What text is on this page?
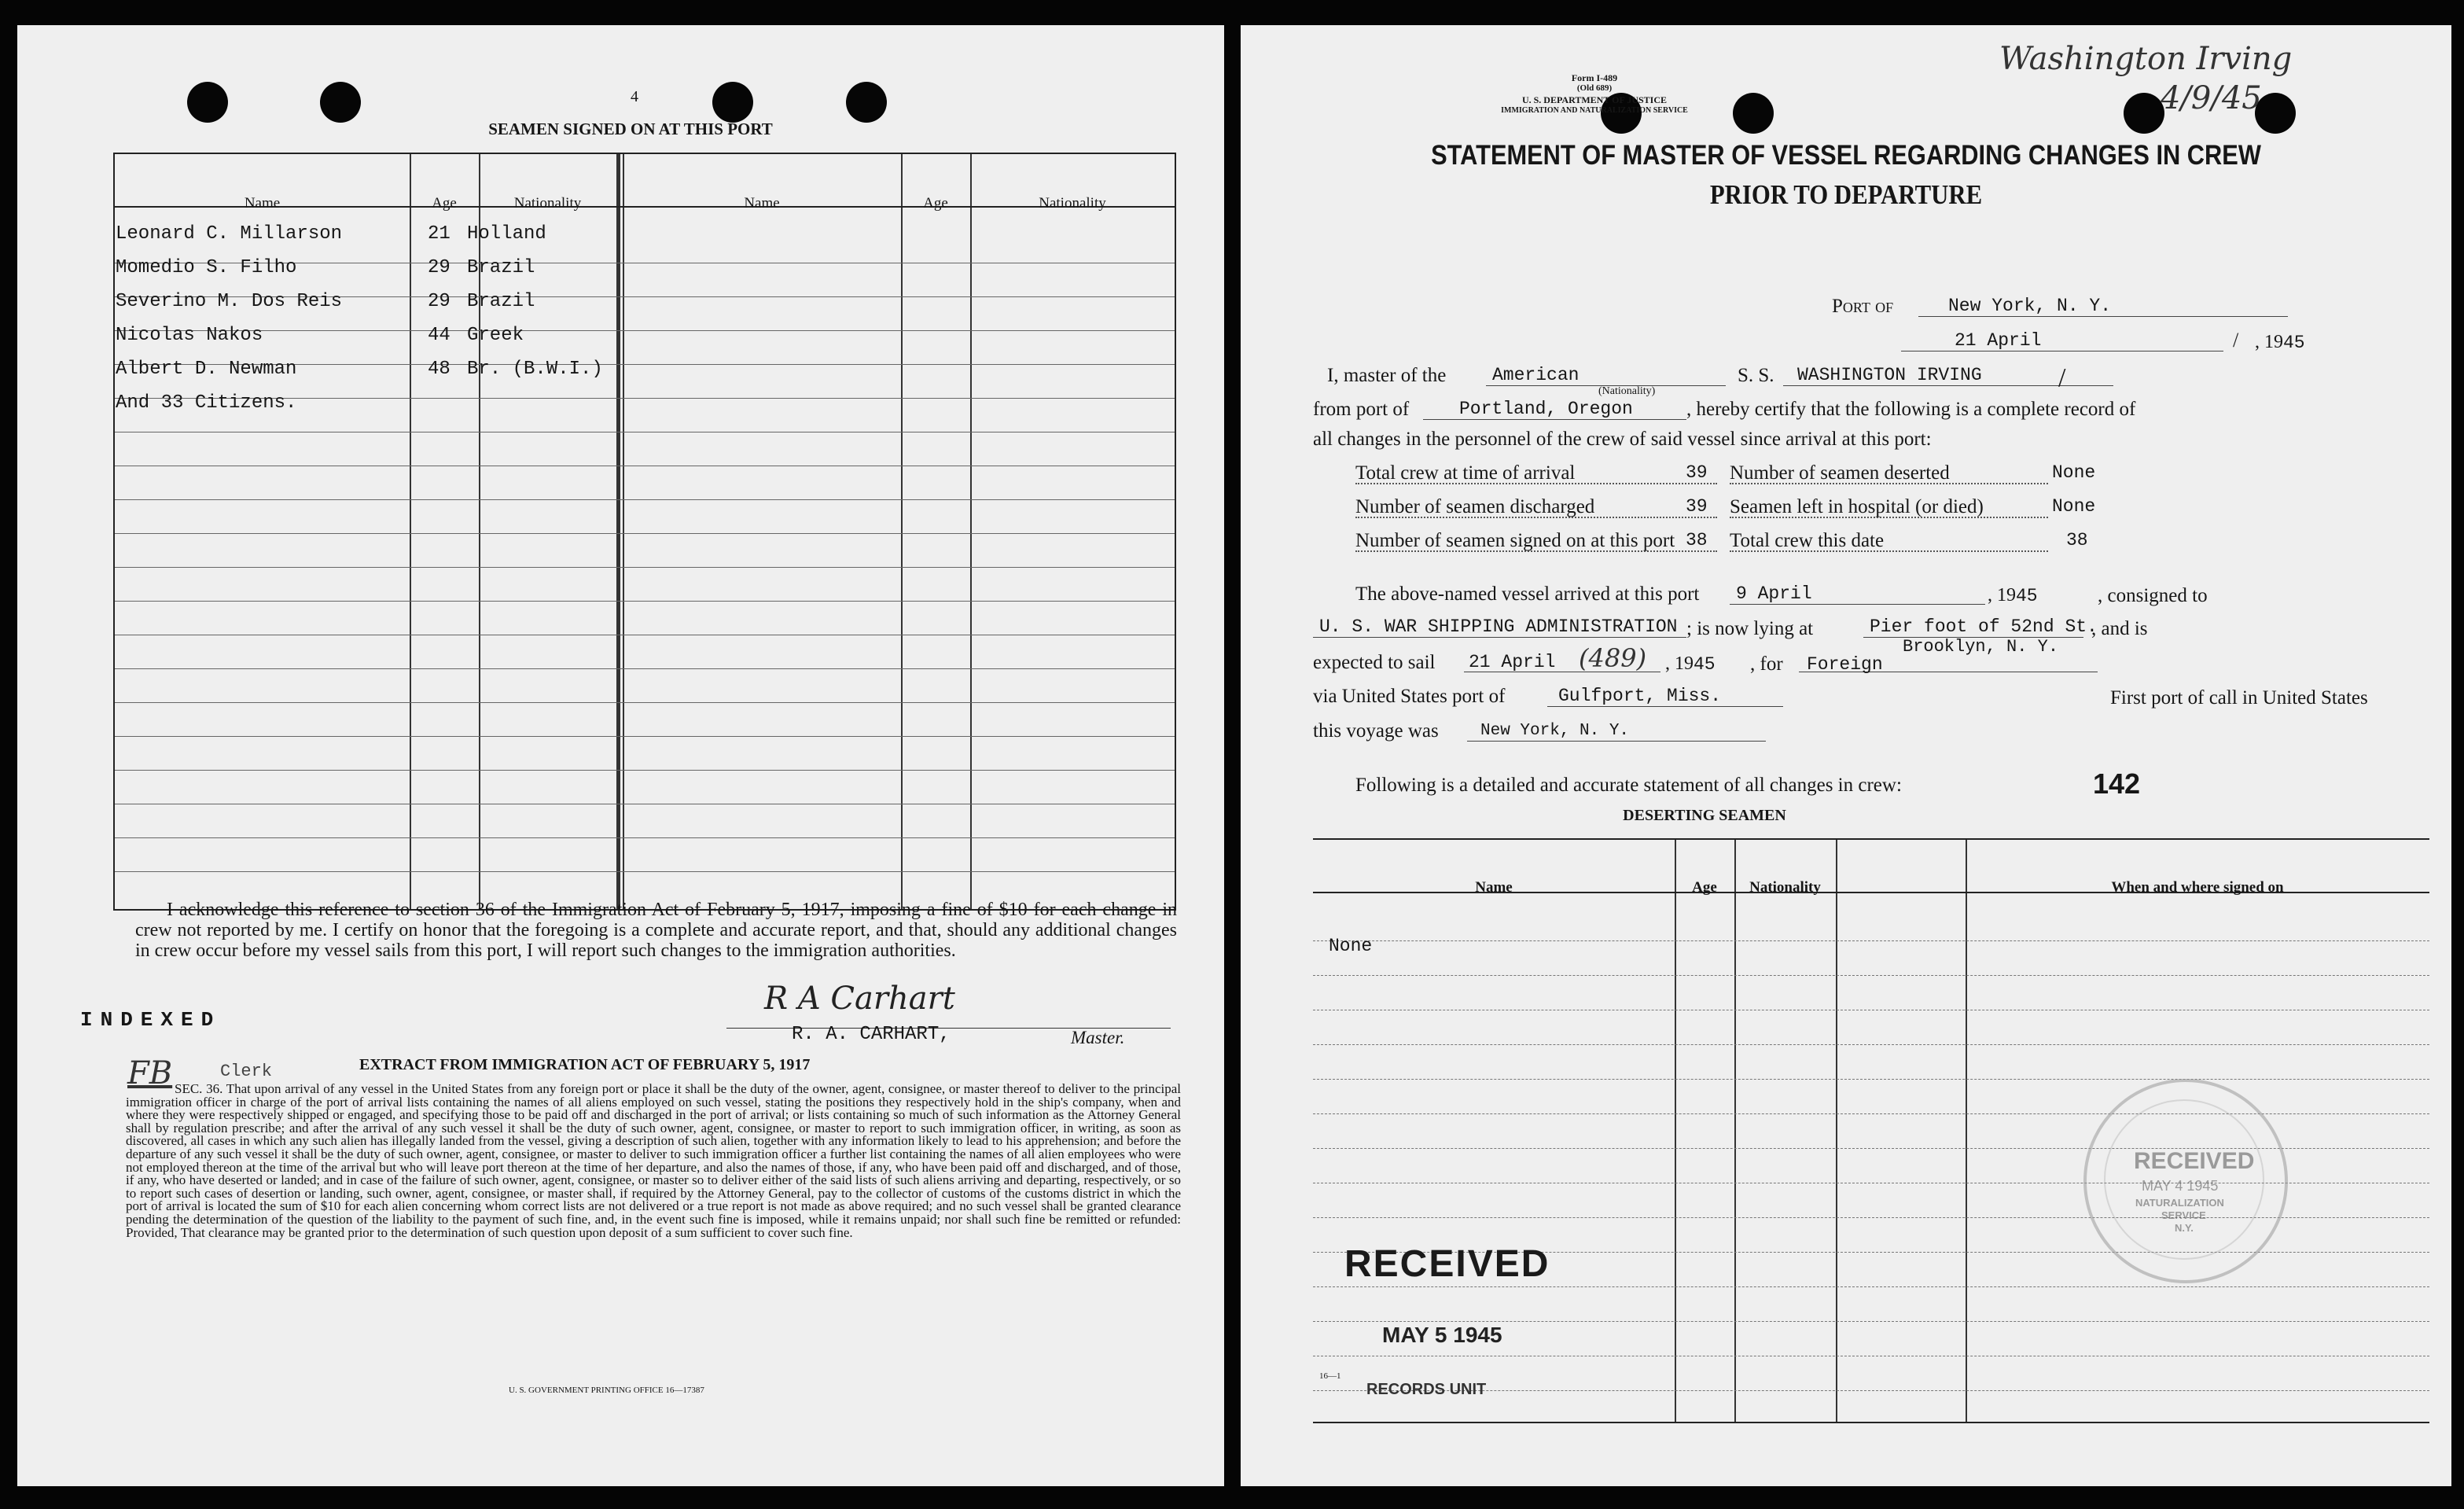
4
SEAMEN SIGNED ON AT THIS PORT
Name	Age	Nationality	Name	Age	Nationality
Leonard C. Millarson	21 Holland
Momedio S. Filho	29 Brazil
Severino M. Dos Reis	29 Brazil
Nicolas Nakos	44 Greek
Albert D. Newman	48 Br. (B.W.I.)
And 33 Citizens.
I acknowledge this reference to section 36 of the Immigration Act of February 5, 1917, imposing a fine of $10 for each change in crew not reported by me. I certify on honor that the foregoing is a complete and accurate report, and that, should any additional changes in crew occur before my vessel sails from this port, I will report such changes to the immigration authorities.
INDEXED
FB	Clerk
R A Carhart
R. A. CARHART,	Master.
EXTRACT FROM IMMIGRATION ACT OF FEBRUARY 5, 1917
SEC. 36. That upon arrival of any vessel in the United States from any foreign port or place it shall be the duty of the owner, agent, consignee, or master thereof to deliver to the principal immigration officer in charge of the port of arrival lists containing the names of all aliens employed on such vessel, stating the positions they respectively hold in the ship's company, when and where they were respectively shipped or engaged, and specifying those to be paid off and discharged in the port of arrival; or lists containing so much of such information as the Attorney General shall by regulation prescribe; and after the arrival of any such vessel it shall be the duty of such owner, agent, consignee, or master to report to such immigration officer, in writing, as soon as discovered, all cases in which any such alien has illegally landed from the vessel, giving a description of such alien, together with any information likely to lead to his apprehension; and before the departure of any such vessel it shall be the duty of such owner, agent, consignee, or master to deliver to such immigration officer a further list containing the names of all alien employees who were not employed thereon at the time of the arrival but who will leave port thereon at the time of her departure, and also the names of those, if any, who have been paid off and discharged, and of those, if any, who have deserted or landed; and in case of the failure of such owner, agent, consignee, or master so to deliver either of the said lists of such aliens arriving and departing, respectively, or so to report such cases of desertion or landing, such owner, agent, consignee, or master shall, if required by the Attorney General, pay to the collector of customs of the customs district in which the port of arrival is located the sum of $10 for each alien concerning whom correct lists are not delivered or a true report is not made as above required; and no such vessel shall be granted clearance pending the determination of the question of the liability to the payment of such fine, and, in the event such fine is imposed, while it remains unpaid; nor shall such fine be remitted or refunded: Provided, That clearance may be granted prior to the determination of such question upon deposit of a sum sufficient to cover such fine.
U. S. GOVERNMENT PRINTING OFFICE 16—17387
Form I-489
(Old 689)
U. S. DEPARTMENT OF JUSTICE
IMMIGRATION AND NATURALIZATION SERVICE
Washington Irving
4/9/45
STATEMENT OF MASTER OF VESSEL REGARDING CHANGES IN CREW
PRIOR TO DEPARTURE
Port of	New York, N. Y.
21 April	/ , 1945
I, master of the	American
(Nationality)
S. S. WASHINGTON IRVING	/
from port of	Portland, Oregon	, hereby certify that the following is a complete record of
all changes in the personnel of the crew of said vessel since arrival at this port:
Total crew at time of arrival	39	Number of seamen deserted	None
Number of seamen discharged	39 Seamen left in hospital (or died)	None
Number of seamen signed on at this port 38 Total crew this date	38
The above-named vessel arrived at this port 9 April	, 1945	, consigned to
U. S. WAR SHIPPING ADMINISTRATION ; is now lying at	Pier foot of 52nd St.
, and is
Brooklyn, N. Y.
expected to sail 21 April (489) , 1945 , for Foreign
via United States port of	Gulfport, Miss.	First port of call in United States
this voyage was	New York, N. Y.
Following is a detailed and accurate statement of all changes in crew:	142
DESERTING SEAMEN
Name	Age	Nationality	When and where signed on
None
RECEIVED
MAY 5 1945
16—1
RECORDS UNIT
RECEIVED
MAY 4 1945
NATURALIZATION
SERVICE
N.Y.
